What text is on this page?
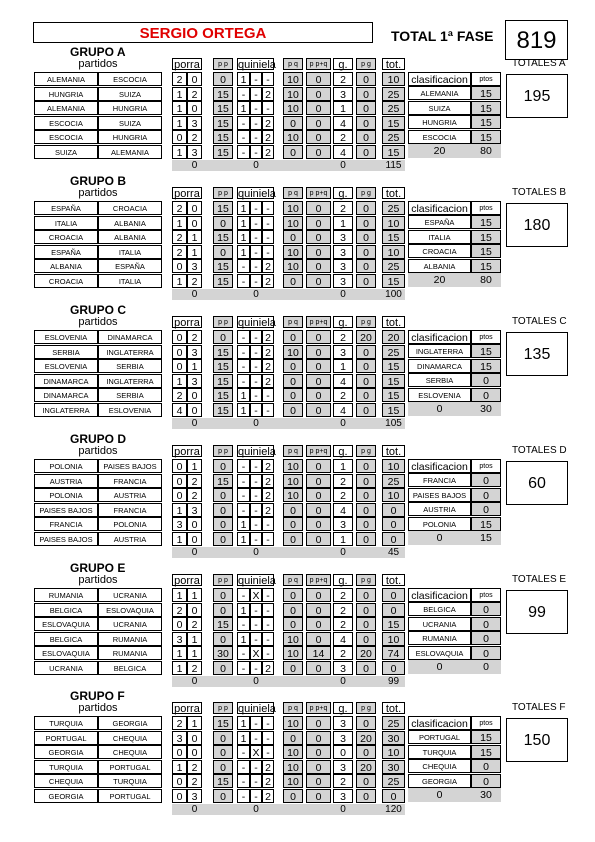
SERGIO ORTEGA	TOTAL 1ª FASE 819
GRUPO A
partidos	porra	p p quiniela	p q	p p+q	g.	p g	tot.
ALEMANIA	ESCOCIA	2 0	0	1 - -	10	0	2	0	10
HUNGRIA	SUIZA	1 2	15	- - 2	10	0	3	0	25
ALEMANIA	HUNGRIA	1 0	15	1 - -	10	0	1	0	25
ESCOCIA	SUIZA	1 3	15	- - 2	0	0	4	0	15
ESCOCIA	HUNGRIA	0 2	15	- - 2	10	0	2	0	25
SUIZA	ALEMANIA	1 3	15	- - 2	0	0	4	0	15
0	0	0	115
clasificacion	ptos
ALEMANIA	15
SUIZA	15
HUNGRIA	15
ESCOCIA	15
20	80
TOTALES A
195
GRUPO B
partidos	porra	p p quiniela	p q	p p+q	g.	p g	tot.
ESPAÑA	CROACIA	2 0	15	1 - -	10	0	2	0	25
ITALIA	ALBANIA	1 0	0	1 - -	10	0	1	0	10
CROACIA	ALBANIA	2 1	15	1 - -	0	0	3	0	15
ESPAÑA	ITALIA	2 1	0	1 - -	10	0	3	0	10
ALBANIA	ESPAÑA	0 3	15	- - 2	10	0	3	0	25
CROACIA	ITALIA	1 2	15	- - 2	0	0	3	0	15
0	0	0	100
clasificacion	ptos
ESPAÑA	15
ITALIA	15
CROACIA	15
ALBANIA	15
20	80
TOTALES B
180
GRUPO C
partidos	porra	p p quiniela	p q	p p+q	g.	p g	tot.
ESLOVENIA	DINAMARCA	0 2	0	- - 2	0	0	2	20	20
SERBIA	INGLATERRA	0 3	15	- - 2	10	0	3	0	25
ESLOVENIA	SERBIA	0 1	15	- - 2	0	0	1	0	15
DINAMARCA	INGLATERRA	1 3	15	- - 2	0	0	4	0	15
DINAMARCA	SERBIA	2 0	15	1 - -	0	0	2	0	15
INGLATERRA	ESLOVENIA	4 0	15	1 - -	0	0	4	0	15
0	0	0	105
clasificacion	ptos
INGLATERRA	15
DINAMARCA	15
SERBIA	0
ESLOVENIA	0
0	30
TOTALES C
135
GRUPO D
partidos	porra	p p quiniela	p q	p p+q	g.	p g	tot.
POLONIA	PAISES BAJOS	0 1	0	- - 2	10	0	1	0	10
AUSTRIA	FRANCIA	0 2	15	- - 2	10	0	2	0	25
POLONIA	AUSTRIA	0 2	0	- - 2	10	0	2	0	10
PAISES BAJOS	FRANCIA	1 3	0	- - 2	0	0	4	0	0
FRANCIA	POLONIA	3 0	0	1 - -	0	0	3	0	0
PAISES BAJOS	AUSTRIA	1 0	0	1 - -	0	0	1	0	0
0	0	0	45
clasificacion	ptos
FRANCIA	0
PAISES BAJOS	0
AUSTRIA	0
POLONIA	15
0	15
TOTALES D
60
GRUPO E
partidos	porra	p p quiniela	p q	p p+q	g.	p g	tot.
RUMANIA	UCRANIA	1 1	0	- X -	0	0	2	0	0
BELGICA	ESLOVAQUIA	2 0	0	1 - -	0	0	2	0	0
ESLOVAQUIA	UCRANIA	0 2	15	- - -	0	0	2	0	15
BELGICA	RUMANIA	3 1	0	1 - -	10	0	4	0	10
ESLOVAQUIA	RUMANIA	1 1	30	- X -	10	14	2	20	74
UCRANIA	BELGICA	1 2	0	- - 2	0	0	3	0	0
0	0	0	99
clasificacion	ptos
BELGICA	0
UCRANIA	0
RUMANIA	0
ESLOVAQUIA	0
0	0
TOTALES E
99
GRUPO F
partidos	porra	p p quiniela	p q	p p+q	g.	p g	tot.
TURQUIA	GEORGIA	2 1	15	1 - -	10	0	3	0	25
PORTUGAL	CHEQUIA	3 0	0	1 - -	0	0	3	20	30
GEORGIA	CHEQUIA	0 0	0	- X -	10	0	0	0	10
TURQUIA	PORTUGAL	1 2	0	- - 2	10	0	3	20	30
CHEQUIA	TURQUIA	0 2	15	- - 2	10	0	2	0	25
GEORGIA	PORTUGAL	0 3	0	- - 2	0	0	3	0	0
0	0	0	120
clasificacion	ptos
PORTUGAL	15
TURQUIA	15
CHEQUIA	0
GEORGIA	0
0	30
TOTALES F
150
